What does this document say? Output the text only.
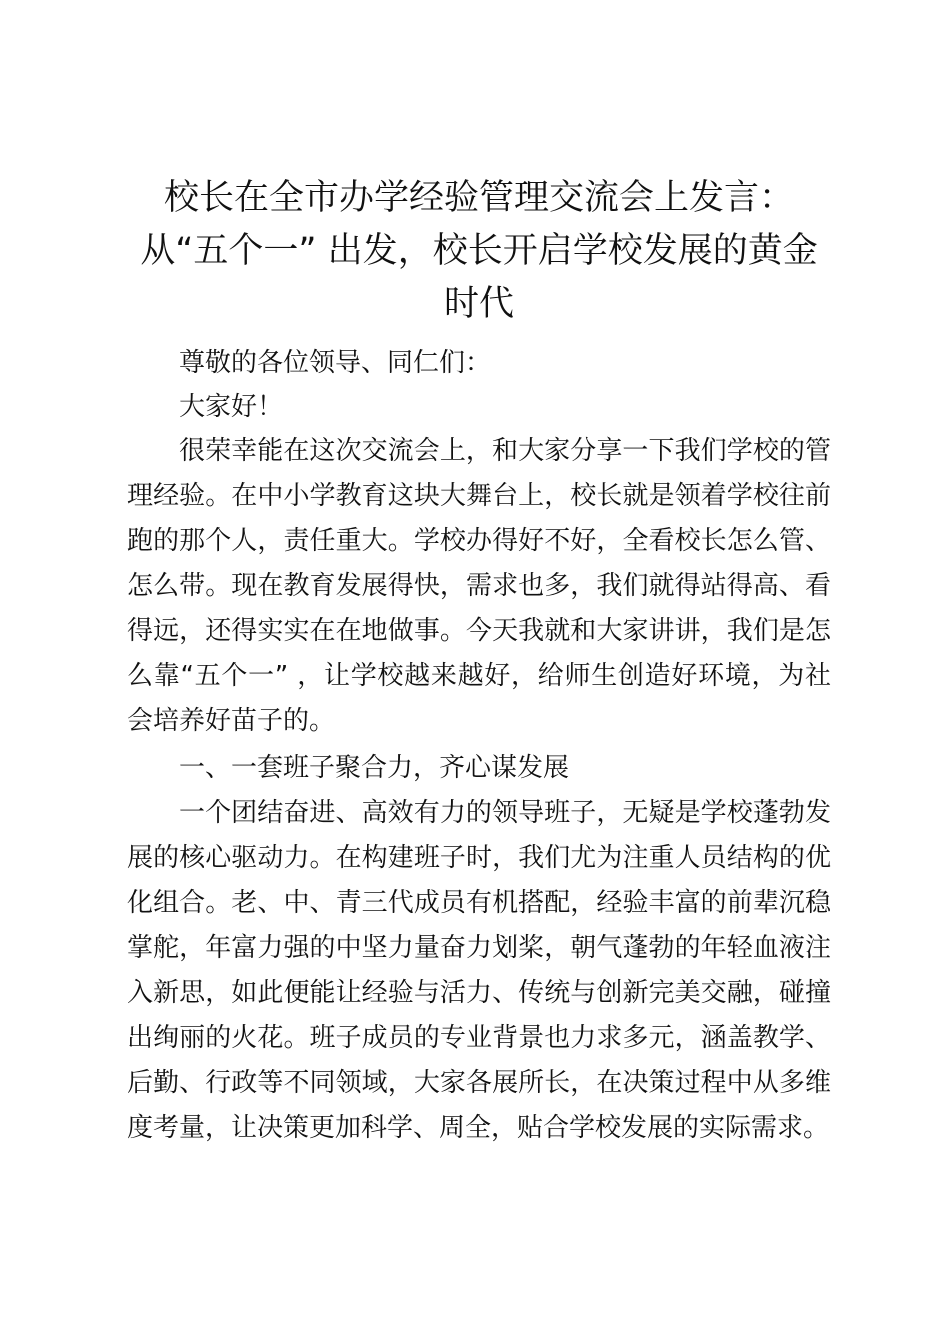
校长在全市办学经验管理交流会上发言：从“五个一” 出发，校长开启学校发展的黄金时代

尊敬的各位领导、同仁们：

大家好！

很荣幸能在这次交流会上，和大家分享一下我们学校的管理经验。在中小学教育这块大舞台上，校长就是领着学校往前跑的那个人，责任重大。学校办得好不好，全看校长怎么管、怎么带。现在教育发展得快，需求也多，我们就得站得高、看得远，还得实实在在地做事。今天我就和大家讲讲，我们是怎么靠“五个一” ，让学校越来越好，给师生创造好环境，为社会培养好苗子的。

一、一套班子聚合力，齐心谋发展

一个团结奋进、高效有力的领导班子，无疑是学校蓬勃发展的核心驱动力。在构建班子时，我们尤为注重人员结构的优化组合。老、中、青三代成员有机搭配，经验丰富的前辈沉稳掌舵，年富力强的中坚力量奋力划桨，朝气蓬勃的年轻血液注入新思，如此便能让经验与活力、传统与创新完美交融，碰撞出绚丽的火花。班子成员的专业背景也力求多元，涵盖教学、后勤、行政等不同领域，大家各展所长，在决策过程中从多维度考量，让决策更加科学、周全，贴合学校发展的实际需求。
